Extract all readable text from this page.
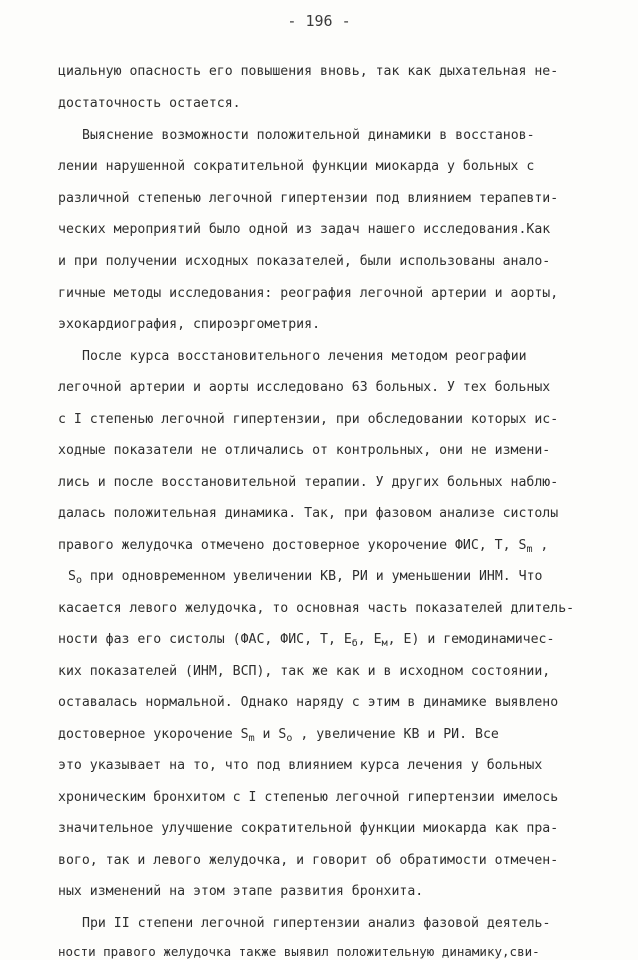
- 196 -
циальную опасность его повышения вновь, так как дыхательная не-
достаточность остается.
Выяснение возможности положительной динамики в восстанов-
лении нарушенной сократительной функции миокарда у больных с
различной степенью легочной гипертензии под влиянием терапевти-
ческих мероприятий было одной из задач нашего исследования.Как
и при получении исходных показателей, были использованы анало-
гичные методы исследования: реография легочной артерии и аорты,
эхокардиография, спироэргометрия.
После курса восстановительного лечения методом реографии
легочной артерии и аорты исследовано 63 больных. У тех больных
с I степенью легочной гипертензии, при обследовании которых ис-
ходные показатели не отличались от контрольных, они не измени-
лись и после восстановительной терапии. У других больных наблю-
далась положительная динамика. Так, при фазовом анализе систолы
правого желудочка отмечено достоверное укорочение ФИС, Т, $S_m$ ,
$S_o$ при одновременном увеличении КВ, РИ и уменьшении ИНМ. Что
касается левого желудочка, то основная часть показателей длитель-
ности фаз его систолы (ФАС, ФИС, Т, $Е_б$, $Е_м$, Е) и гемодинамичес-
ких показателей (ИНМ, ВСП), так же как и в исходном состоянии,
оставалась нормальной. Однако наряду с этим в динамике выявлено
достоверное укорочение $S_m$ и $S_o$ , увеличение КВ и РИ. Все
это указывает на то, что под влиянием курса лечения у больных
хроническим бронхитом с I степенью легочной гипертензии имелось
значительное улучшение сократительной функции миокарда как пра-
вого, так и левого желудочка, и говорит об обратимости отмечен-
ных изменений на этом этапе развития бронхита.
При II степени легочной гипертензии анализ фазовой деятель-
ности правого желудочка также выявил положительную динамику,сви-
